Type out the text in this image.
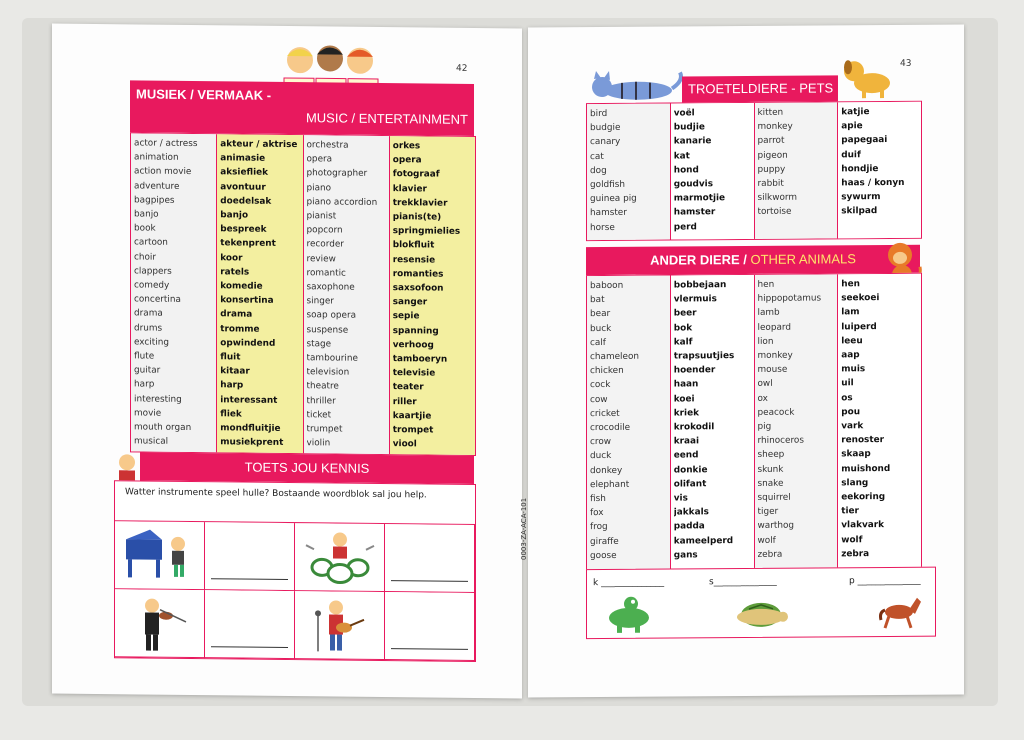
42
MUSIEK / VERMAAK -
MUSIC / ENTERTAINMENT
actor / actress
animation
action movie
adventure
bagpipes
banjo
book
cartoon
choir
clappers
comedy
concertina
drama
drums
exciting
flute
guitar
harp
interesting
movie
mouth organ
musical
akteur / aktrise
animasie
aksiefliek
avontuur
doedelsak
banjo
bespreek
tekenprent
koor
ratels
komedie
konsertina
drama
tromme
opwindend
fluit
kitaar
harp
interessant
fliek
mondfluitjie
musiekprent
orchestra
opera
photographer
piano
piano accordion
pianist
popcorn
recorder
review
romantic
saxophone
singer
soap opera
suspense
stage
tambourine
television
theatre
thriller
ticket
trumpet
violin
orkes
opera
fotograaf
klavier
trekklavier
pianis(te)
springmielies
blokfluit
resensie
romanties
saxsofoon
sanger
sepie
spanning
verhoog
tamboeryn
televisie
teater
riller
kaartjie
trompet
viool
TOETS JOU KENNIS
Watter instrumente speel hulle? Bostaande woordblok sal jou help.
0003-ZA-ACA-101
43
TROETELDIERE - PETS
bird
budgie
canary
cat
dog
goldfish
guinea pig
hamster
horse
voël
budjie
kanarie
kat
hond
goudvis
marmotjie
hamster
perd
kitten
monkey
parrot
pigeon
puppy
rabbit
silkworm
tortoise
katjie
apie
papegaai
duif
hondjie
haas / konyn
sywurm
skilpad
ANDER DIERE / OTHER ANIMALS
baboon
bat
bear
buck
calf
chameleon
chicken
cock
cow
cricket
crocodile
crow
duck
donkey
elephant
fish
fox
frog
giraffe
goose
bobbejaan
vlermuis
beer
bok
kalf
trapsuutjies
hoender
haan
koei
kriek
krokodil
kraai
eend
donkie
olifant
vis
jakkals
padda
kameelperd
gans
hen
hippopotamus
lamb
leopard
lion
monkey
mouse
owl
ox
peacock
pig
rhinoceros
sheep
skunk
snake
squirrel
tiger
warthog
wolf
zebra
hen
seekoei
lam
luiperd
leeu
aap
muis
uil
os
pou
vark
renoster
skaap
muishond
slang
eekoring
tier
vlakvark
wolf
zebra
k ______________	s______________	p ______________
